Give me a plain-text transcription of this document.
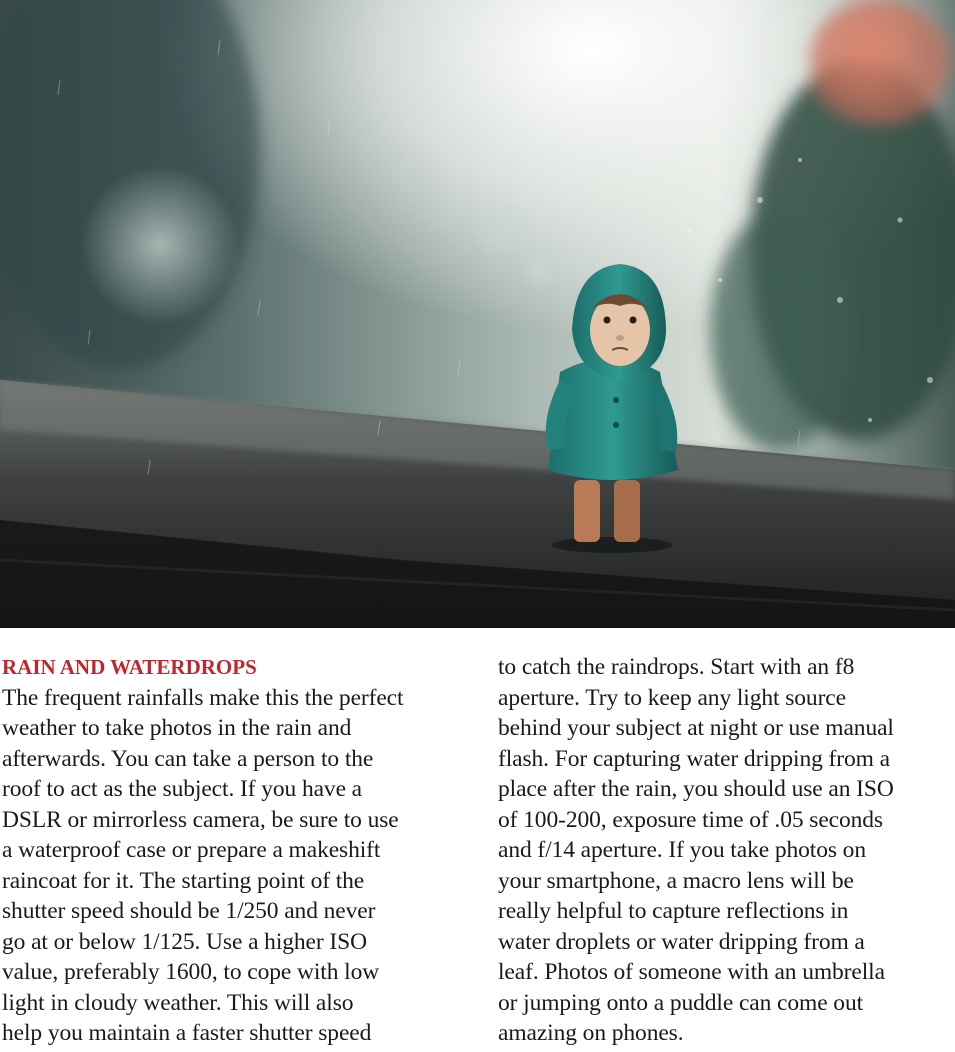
RAIN AND WATERDROPS
The frequent rainfalls make this the perfect
weather to take photos in the rain and
afterwards. You can take a person to the
roof to act as the subject. If you have a
DSLR or mirrorless camera, be sure to use
a waterproof case or prepare a makeshift
raincoat for it. The starting point of the
shutter speed should be 1/250 and never
go at or below 1/125. Use a higher ISO
value, preferably 1600, to cope with low
light in cloudy weather. This will also
help you maintain a faster shutter speed
to catch the raindrops. Start with an f8
aperture. Try to keep any light source
behind your subject at night or use manual
flash. For capturing water dripping from a
place after the rain, you should use an ISO
of 100-200, exposure time of .05 seconds
and f/14 aperture. If you take photos on
your smartphone, a macro lens will be
really helpful to capture reflections in
water droplets or water dripping from a
leaf. Photos of someone with an umbrella
or jumping onto a puddle can come out
amazing on phones.
